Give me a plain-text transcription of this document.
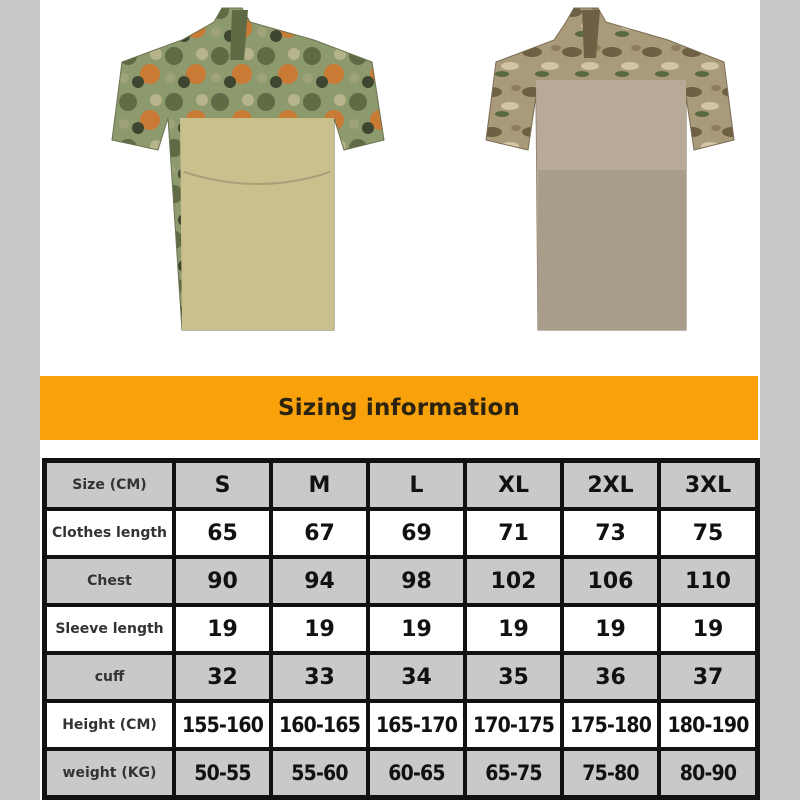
Sizing information
Size (CM)	S	M	L	XL	2XL	3XL
Clothes length	65	67	69	71	73	75
Chest	90	94	98	102	106	110
Sleeve length	19	19	19	19	19	19
cuff	32	33	34	35	36	37
Height (CM)	155-160	160-165	165-170	170-175	175-180	180-190
weight (KG)	50-55	55-60	60-65	65-75	75-80	80-90
